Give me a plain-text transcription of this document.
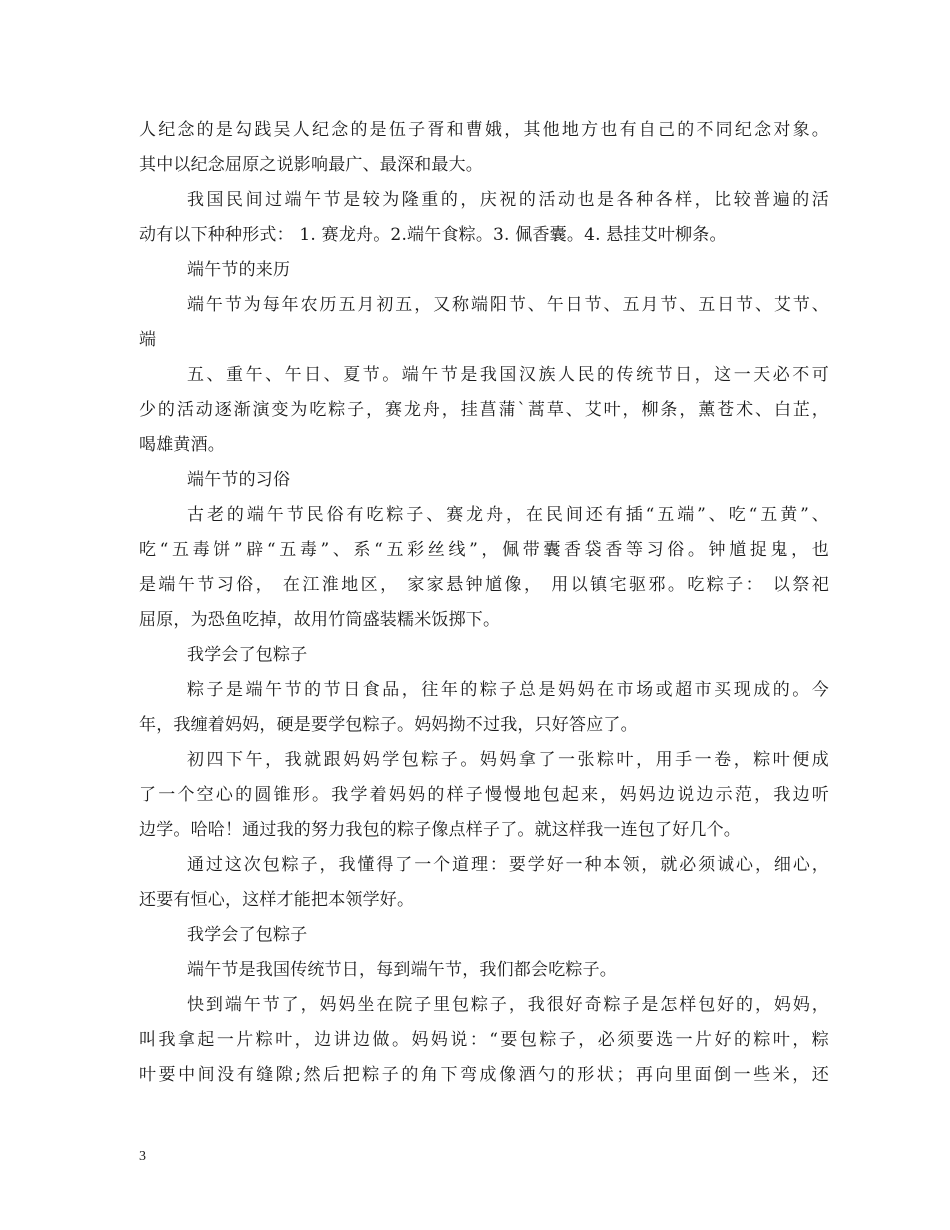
人纪念的是勾践吴人纪念的是伍子胥和曹娥，其他地方也有自己的不同纪念对象。
其中以纪念屈原之说影响最广、最深和最大。
我国民间过端午节是较为隆重的，庆祝的活动也是各种各样，比较普遍的活
动有以下种种形式： 1. 赛龙舟。2.端午食粽。3. 佩香囊。4. 悬挂艾叶柳条。
端午节的来历
端午节为每年农历五月初五，又称端阳节、午日节、五月节、五日节、艾节、
端
五、重午、午日、夏节。端午节是我国汉族人民的传统节日，这一天必不可
少的活动逐渐演变为吃粽子，赛龙舟，挂菖蒲`蒿草、艾叶，柳条，薰苍术、白芷，
喝雄黄酒。
端午节的习俗
古老的端午节民俗有吃粽子、赛龙舟，在民间还有插“五端”、吃“五黄”、
吃“五毒饼”辟“五毒”、系“五彩丝线”，佩带囊香袋香等习俗。钟馗捉鬼，也
是端午节习俗， 在江淮地区， 家家悬钟馗像， 用以镇宅驱邪。吃粽子： 以祭祀
屈原，为恐鱼吃掉，故用竹筒盛装糯米饭掷下。
我学会了包粽子
粽子是端午节的节日食品，往年的粽子总是妈妈在市场或超市买现成的。今
年，我缠着妈妈，硬是要学包粽子。妈妈拗不过我，只好答应了。
初四下午，我就跟妈妈学包粽子。妈妈拿了一张粽叶，用手一卷，粽叶便成
了一个空心的圆锥形。我学着妈妈的样子慢慢地包起来，妈妈边说边示范，我边听
边学。哈哈！通过我的努力我包的粽子像点样子了。就这样我一连包了好几个。
通过这次包粽子，我懂得了一个道理：要学好一种本领，就必须诚心，细心，
还要有恒心，这样才能把本领学好。
我学会了包粽子
端午节是我国传统节日，每到端午节，我们都会吃粽子。
快到端午节了，妈妈坐在院子里包粽子，我很好奇粽子是怎样包好的，妈妈，
叫我拿起一片粽叶，边讲边做。妈妈说：“要包粽子，必须要选一片好的粽叶，粽
叶要中间没有缝隙;然后把粽子的角下弯成像酒勺的形状；再向里面倒一些米，还
3
